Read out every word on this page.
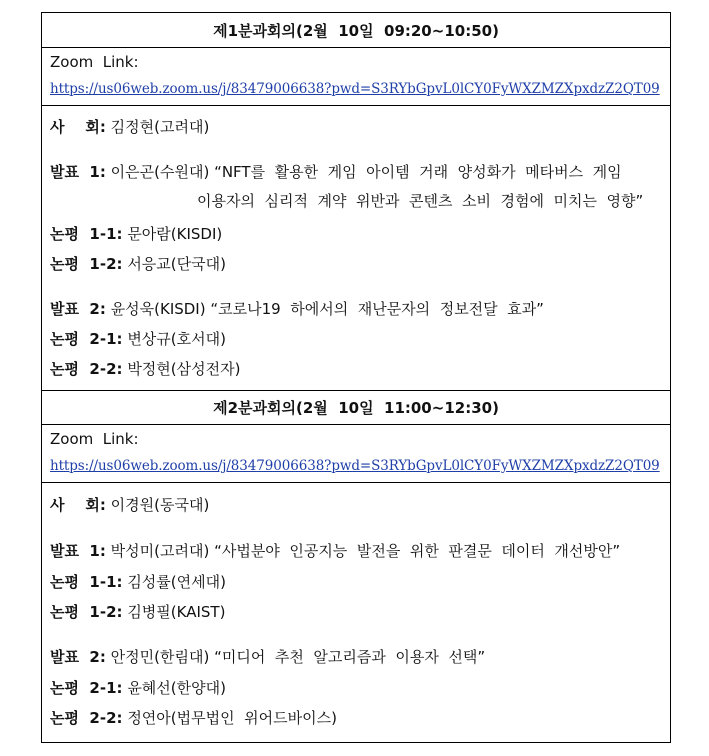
제1분과회의(2월  10일  09:20~10:50)
Zoom  Link:
https://us06web.zoom.us/j/83479006638?pwd=S3RYbGpvL0lCY0FyWXZMZXpxdzZ2QT09
사    회: 김정현(고려대)
발표  1: 이은곤(수원대) “NFT를  활용한  게임  아이템  거래  양성화가  메타버스  게임
이용자의  심리적  계약  위반과  콘텐츠  소비  경험에  미치는  영향”
논평  1-1: 문아람(KISDI)
논평  1-2: 서응교(단국대)
발표  2: 윤성욱(KISDI) “코로나19  하에서의  재난문자의  정보전달  효과”
논평  2-1: 변상규(호서대)
논평  2-2: 박정현(삼성전자)
제2분과회의(2월  10일  11:00~12:30)
Zoom  Link:
https://us06web.zoom.us/j/83479006638?pwd=S3RYbGpvL0lCY0FyWXZMZXpxdzZ2QT09
사    회: 이경원(동국대)
발표  1: 박성미(고려대) “사법분야  인공지능  발전을  위한  판결문  데이터  개선방안”
논평  1-1: 김성률(연세대)
논평  1-2: 김병필(KAIST)
발표  2: 안정민(한림대) “미디어  추천  알고리즘과  이용자  선택”
논평  2-1: 윤혜선(한양대)
논평  2-2: 정연아(법무법인  위어드바이스)
